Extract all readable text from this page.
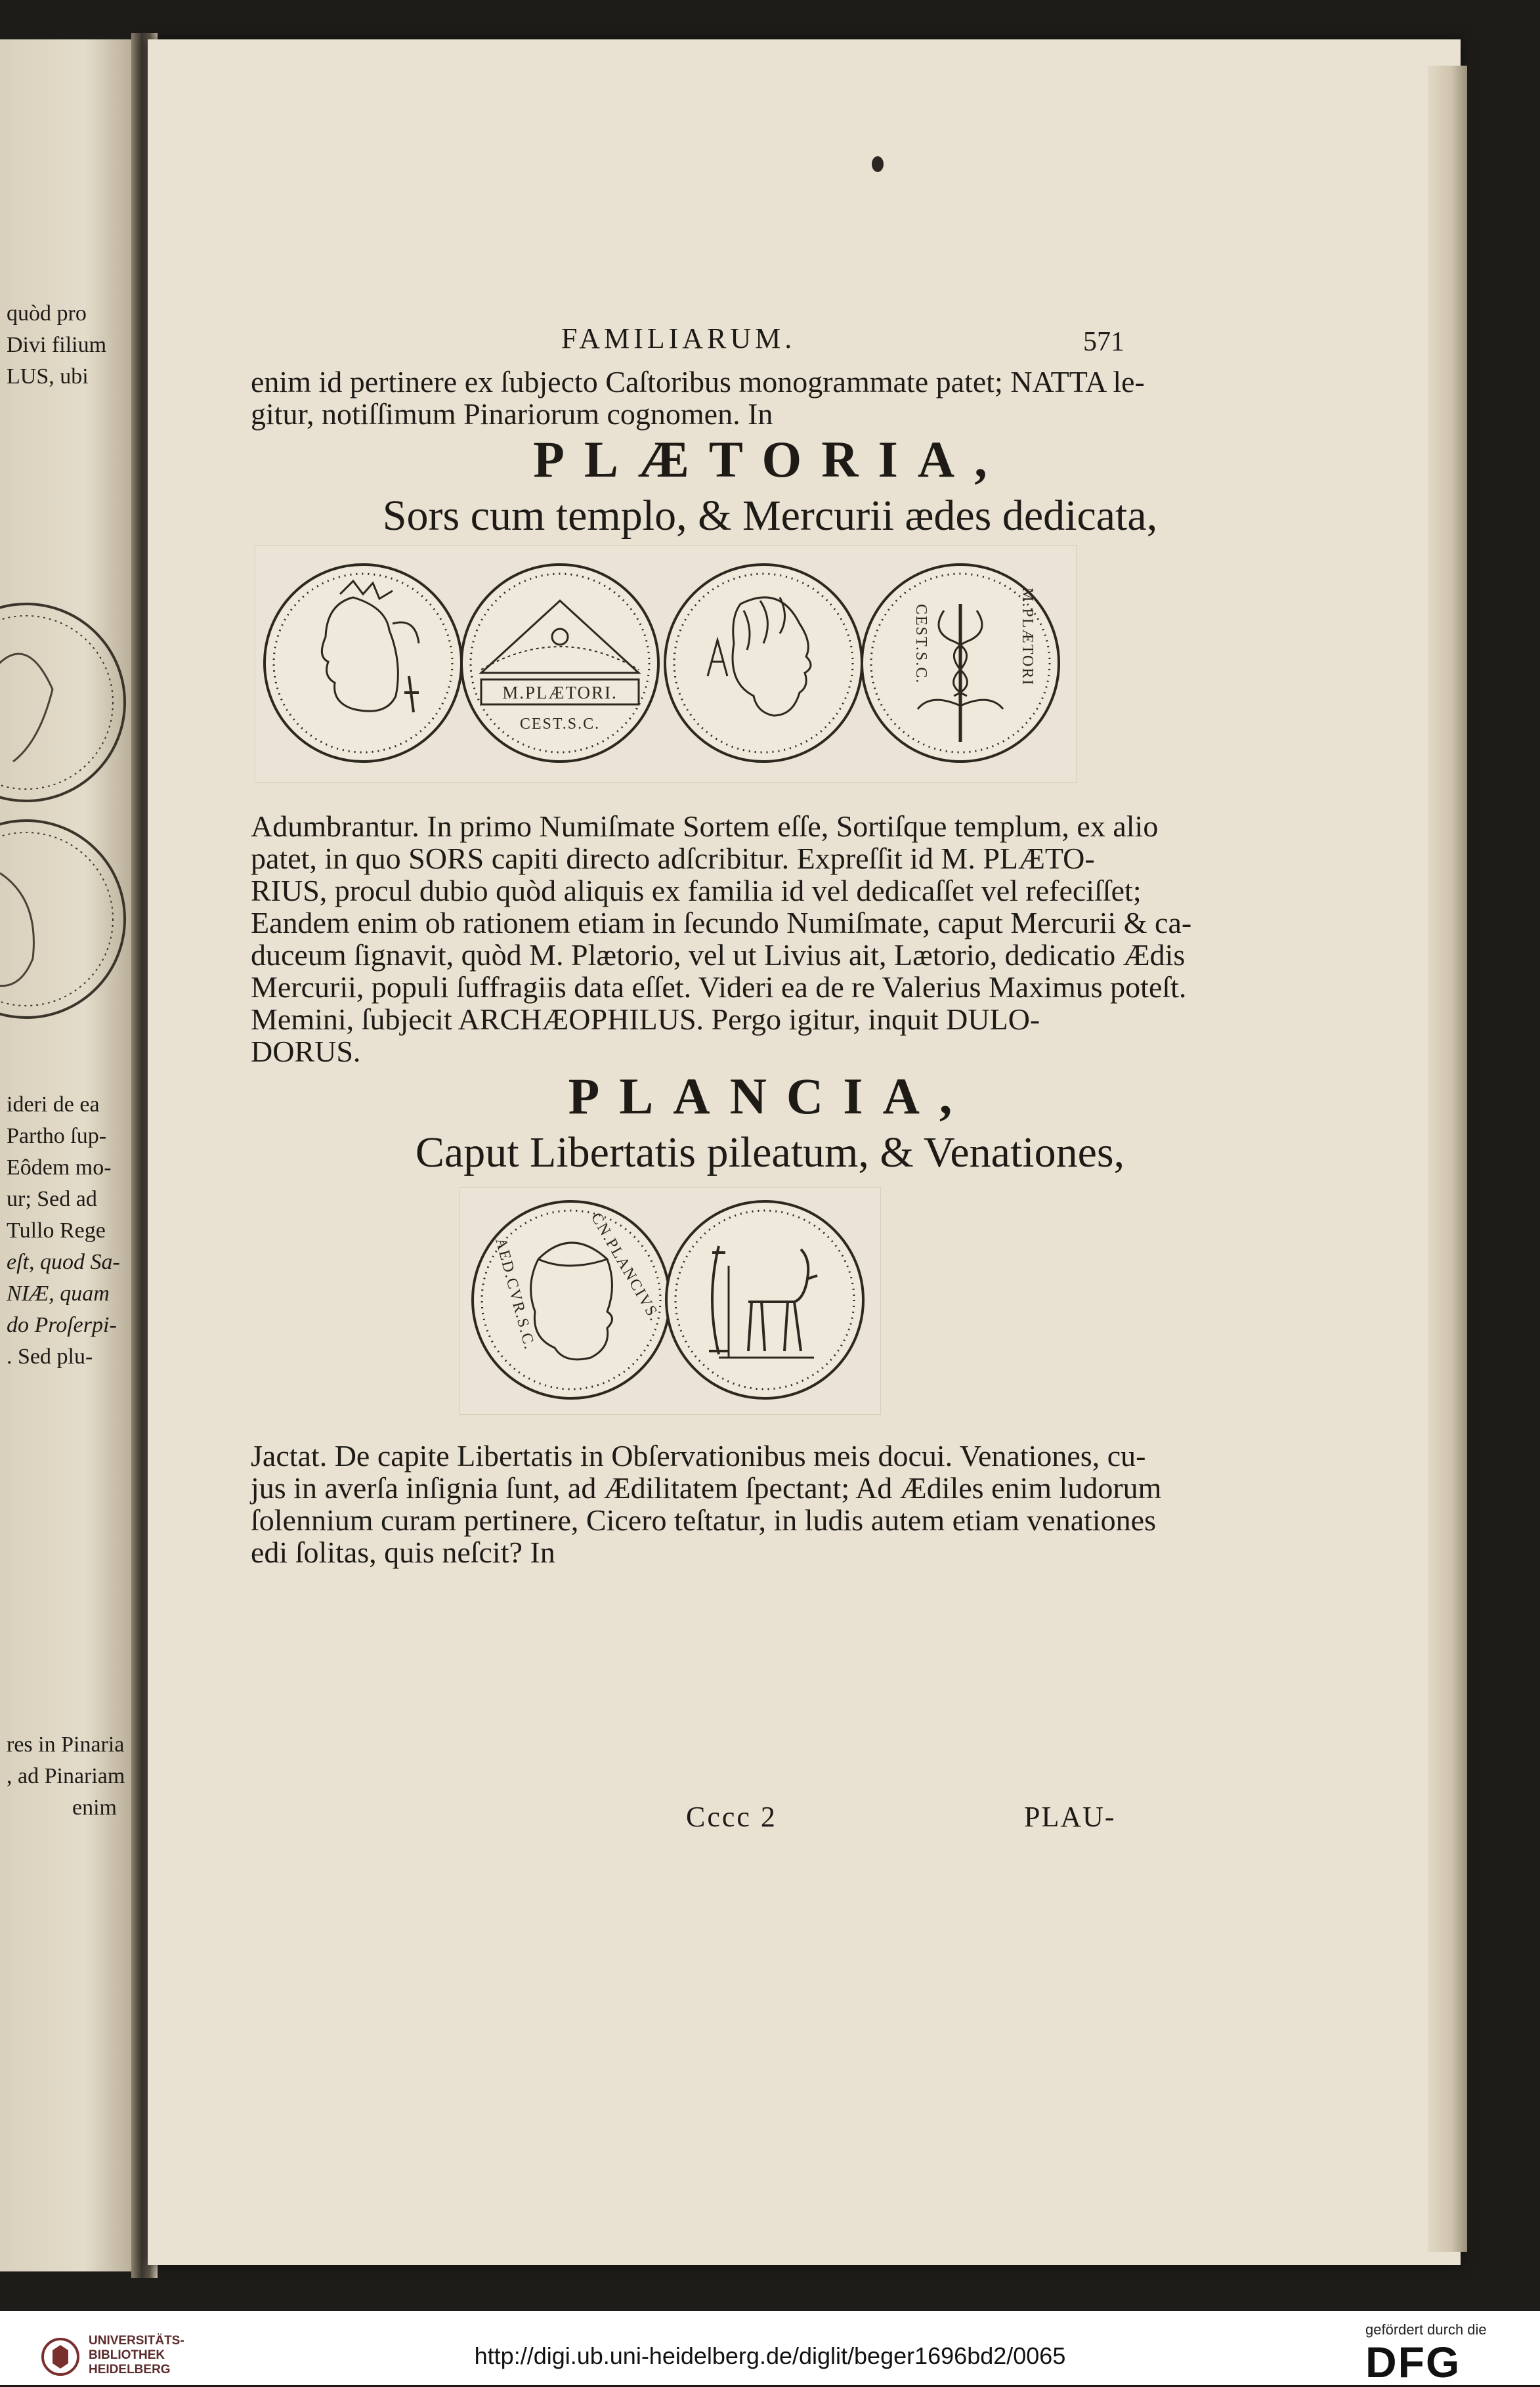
quòd pro
Divi filium
LUS, ubi
ideri de ea
Partho ſup-
Eôdem mo-
ur; Sed ad
Tullo Rege
eſt, quod Sa-
NIÆ, quam
do Proſerpi-
. Sed plu-
res in Pinaria
, ad Pinariam
enim
FAMILIARUM.	571
enim id pertinere ex ſubjecto Caſtoribus monogrammate patet; NATTA le-
gitur, notiſſimum Pinariorum cognomen. In
PLÆTORIA,
Sors cum templo, & Mercurii ædes dedicata,
M.PLÆTORI.
CEST.S.C.
M.PLÆTORI
CEST.S.C.
Adumbrantur. In primo Numiſmate Sortem eſſe, Sortiſque templum, ex alio
patet, in quo SORS capiti directo adſcribitur. Expreſſit id M. PLÆTO-
RIUS, procul dubio quòd aliquis ex familia id vel dedicaſſet vel refeciſſet;
Eandem enim ob rationem etiam in ſecundo Numiſmate, caput Mercurii & ca-
duceum ſignavit, quòd M. Plætorio, vel ut Livius ait, Lætorio, dedicatio Ædis
Mercurii, populi ſuffragiis data eſſet. Videri ea de re Valerius Maximus poteſt.
Memini, ſubjecit ARCHÆOPHILUS. Pergo igitur, inquit DULO-
DORUS.
PLANCIA,
Caput Libertatis pileatum, & Venationes,
CN.PLANCIVS.
AED.CVR.S.C.
Jactat. De capite Libertatis in Obſervationibus meis docui. Venationes, cu-
jus in averſa inſignia ſunt, ad Ædilitatem ſpectant; Ad Ædiles enim ludorum
ſolennium curam pertinere, Cicero teſtatur, in ludis autem etiam venationes
edi ſolitas, quis neſcit? In
Cccc 2	PLAU-
UNIVERSITÄTS-
BIBLIOTHEK
HEIDELBERG
http://digi.ub.uni-heidelberg.de/diglit/beger1696bd2/0065
gefördert durch die
DFG
